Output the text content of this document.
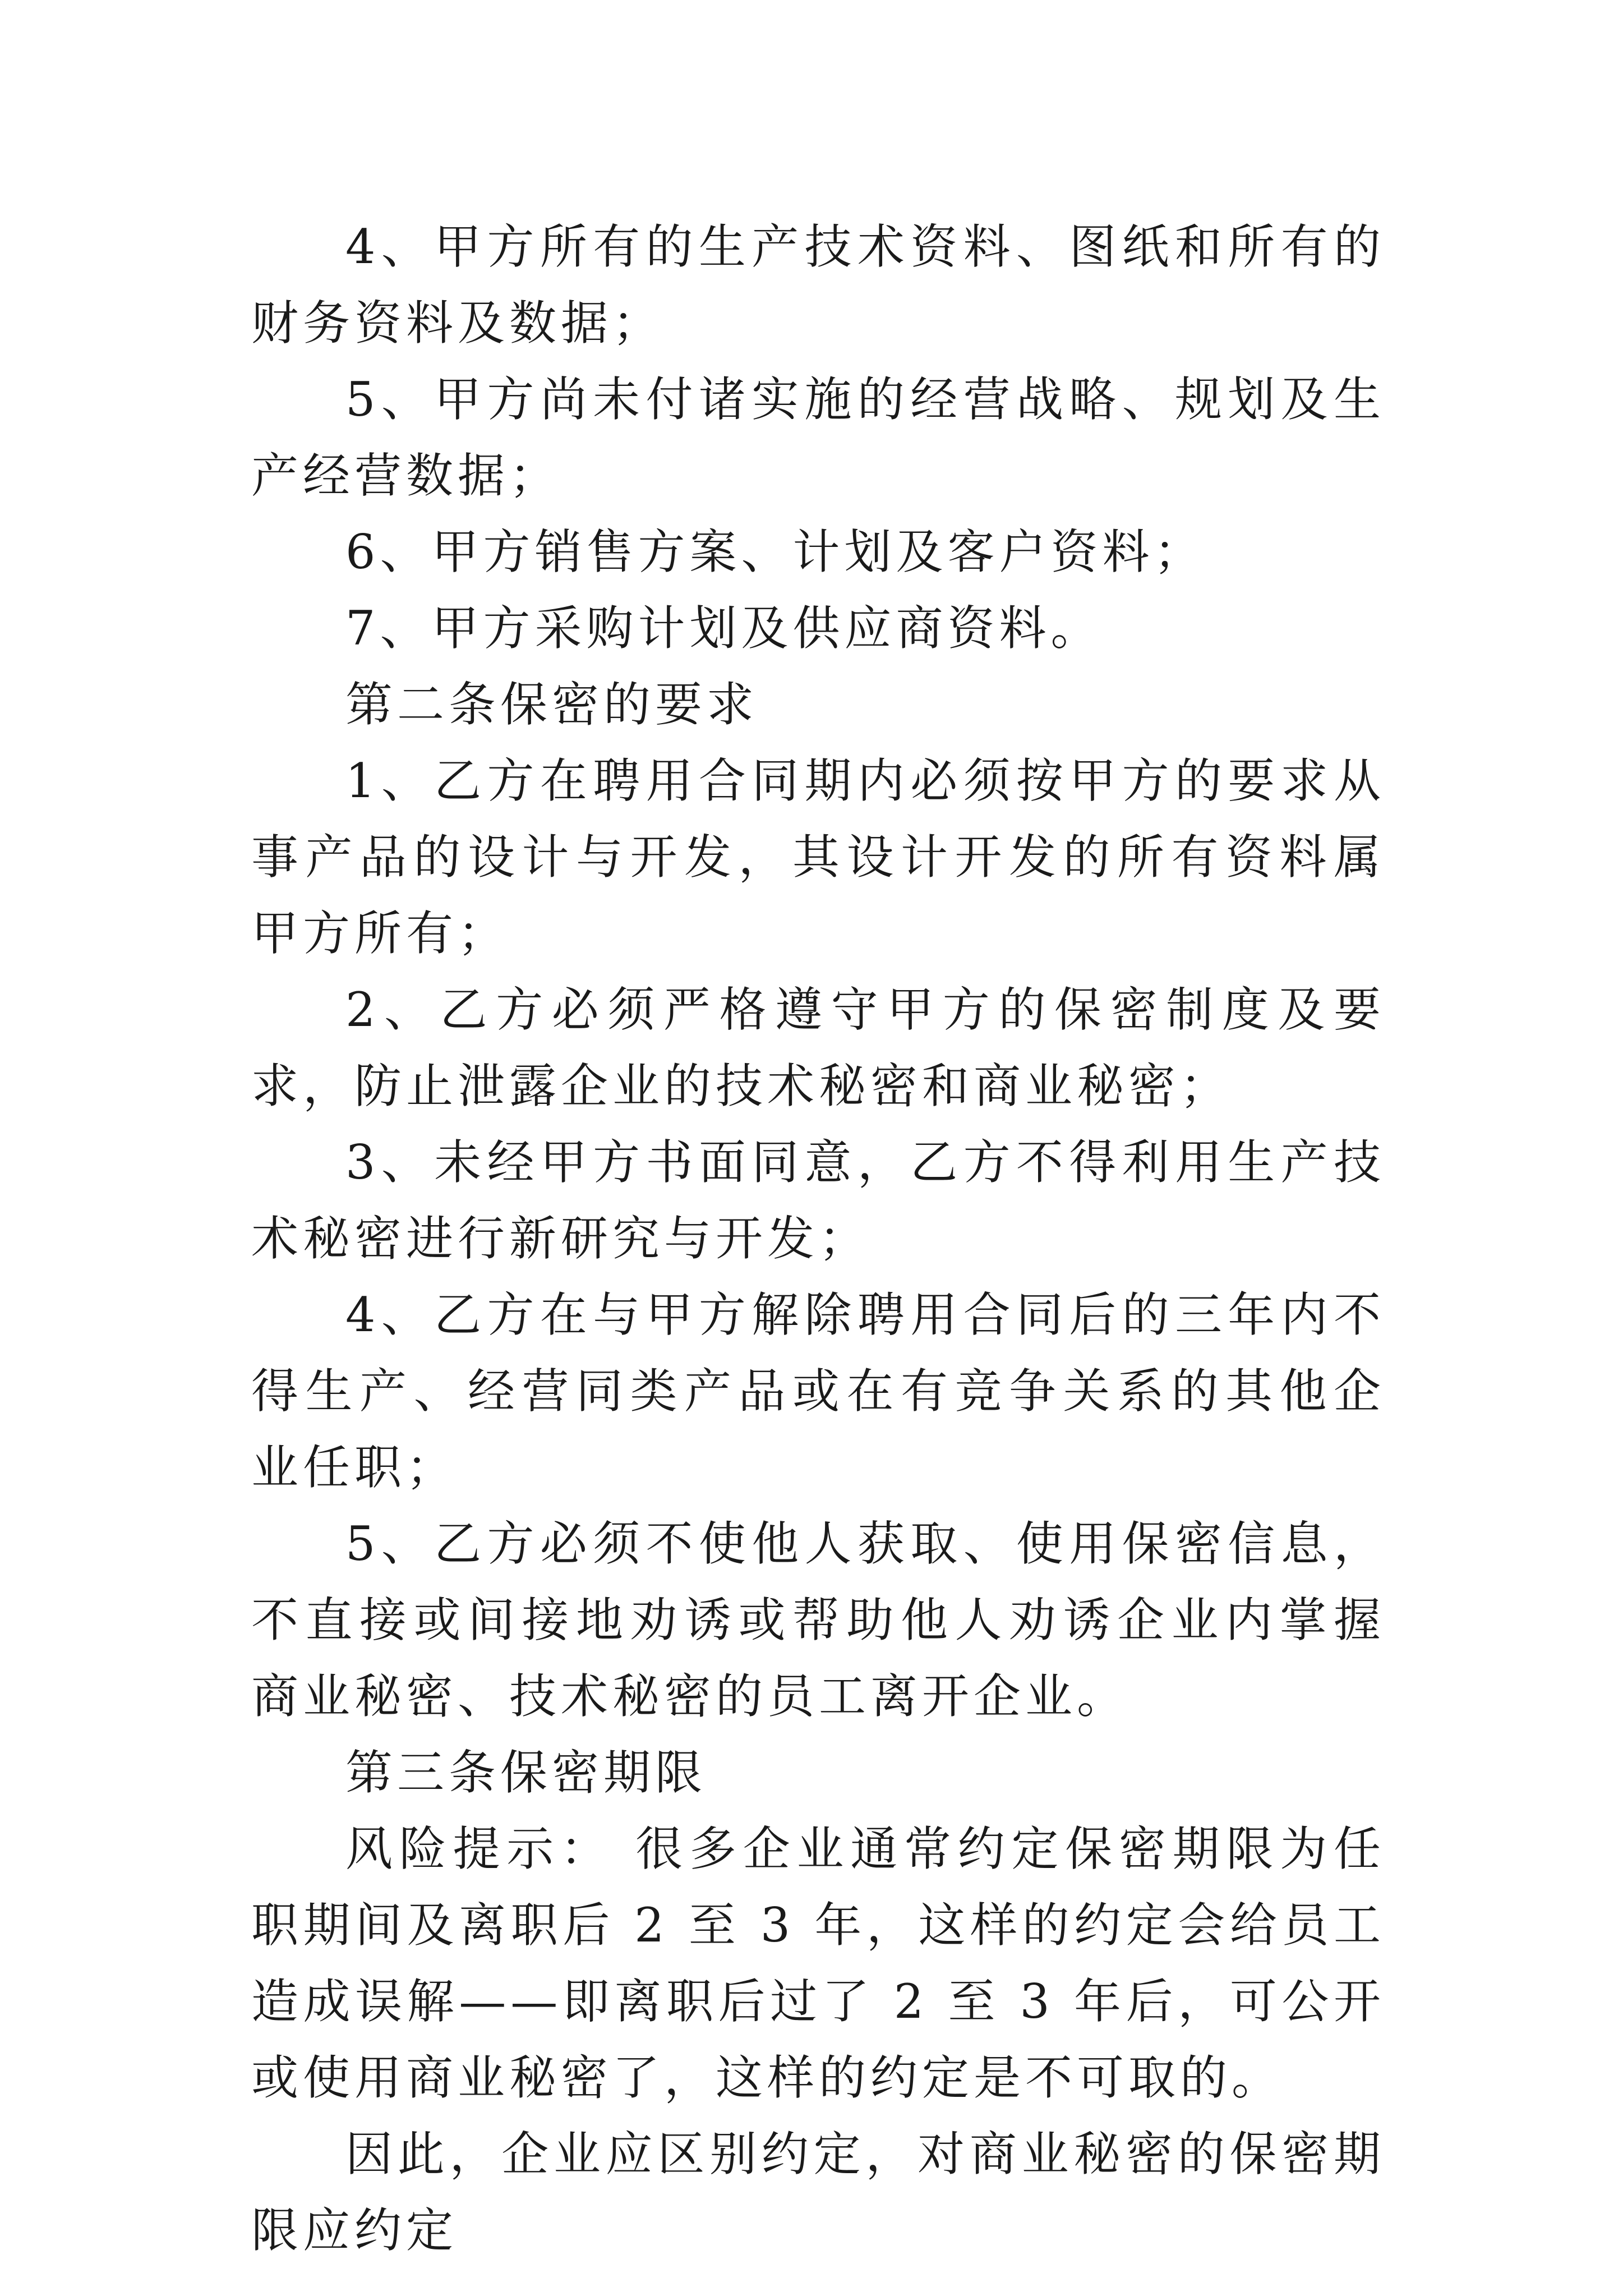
4、甲方所有的生产技术资料、图纸和所有的财务资料及数据；

5、甲方尚未付诸实施的经营战略、规划及生产经营数据；

6、甲方销售方案、计划及客户资料；

7、甲方采购计划及供应商资料。

第二条保密的要求

1、乙方在聘用合同期内必须按甲方的要求从事产品的设计与开发，其设计开发的所有资料属甲方所有；

2、乙方必须严格遵守甲方的保密制度及要求，防止泄露企业的技术秘密和商业秘密；

3、未经甲方书面同意，乙方不得利用生产技术秘密进行新研究与开发；

4、乙方在与甲方解除聘用合同后的三年内不得生产、经营同类产品或在有竞争关系的其他企业任职；

5、乙方必须不使他人获取、使用保密信息，不直接或间接地劝诱或帮助他人劝诱企业内掌握商业秘密、技术秘密的员工离开企业。

第三条保密期限

风险提示： 很多企业通常约定保密期限为任职期间及离职后 2 至 3 年，这样的约定会给员工造成误解——即离职后过了 2 至 3 年后，可公开或使用商业秘密了，这样的约定是不可取的。

因此，企业应区别约定，对商业秘密的保密期限应约定
